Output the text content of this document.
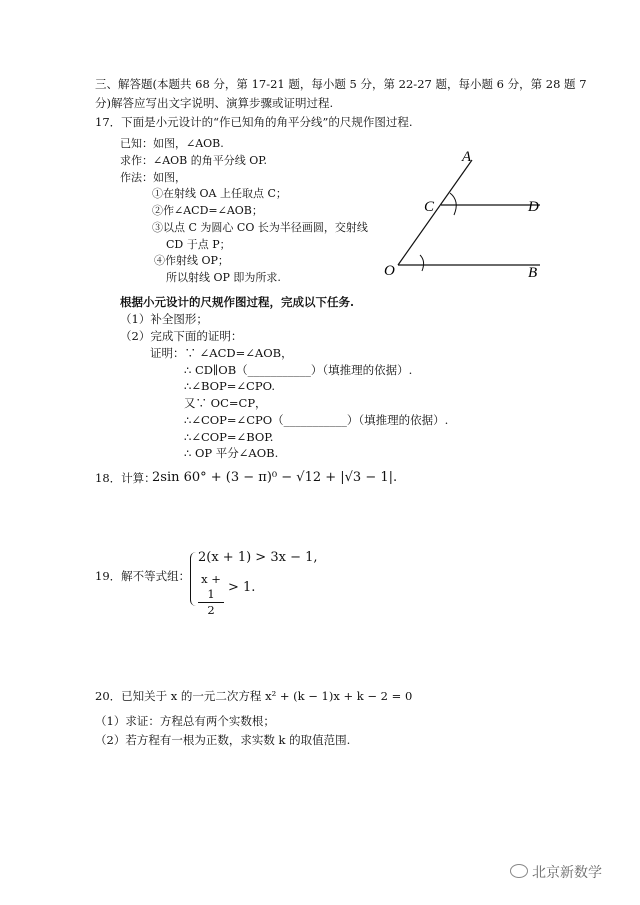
三、解答题(本题共 68 分，第 17-21 题，每小题 5 分，第 22-27 题，每小题 6 分，第 28 题 7
分)解答应写出文字说明、演算步骤或证明过程.
17．下面是小元设计的“作已知角的角平分线”的尺规作图过程.
已知：如图，∠AOB.
求作：∠AOB 的角平分线 OP.
作法：如图，
①在射线 OA 上任取点 C；
②作∠ACD=∠AOB；
③以点 C 为圆心 CO 长为半径画圆，交射线
CD 于点 P；
④作射线 OP；
所以射线 OP 即为所求.
A
C	D
O	B
根据小元设计的尺规作图过程，完成以下任务.
（1）补全图形；
（2）完成下面的证明：
证明：∵ ∠ACD=∠AOB，
∴ CD∥OB（___________）（填推理的依据）.
∴∠BOP=∠CPO.
又∵ OC=CP，
∴∠COP=∠CPO（___________）（填推理的依据）.
∴∠COP=∠BOP.
∴ OP 平分∠AOB.
18．计算：
2sin 60° + (3 − π)⁰ − √12 + |√3 − 1|.
19．解不等式组：
2(x + 1) > 3x − 1,
$\frac{x + 1}{2} > 1$.
20．已知关于 x 的一元二次方程 x² + (k − 1)x + k − 2 = 0
（1）求证：方程总有两个实数根；
（2）若方程有一根为正数，求实数 k 的取值范围.
北京新数学
